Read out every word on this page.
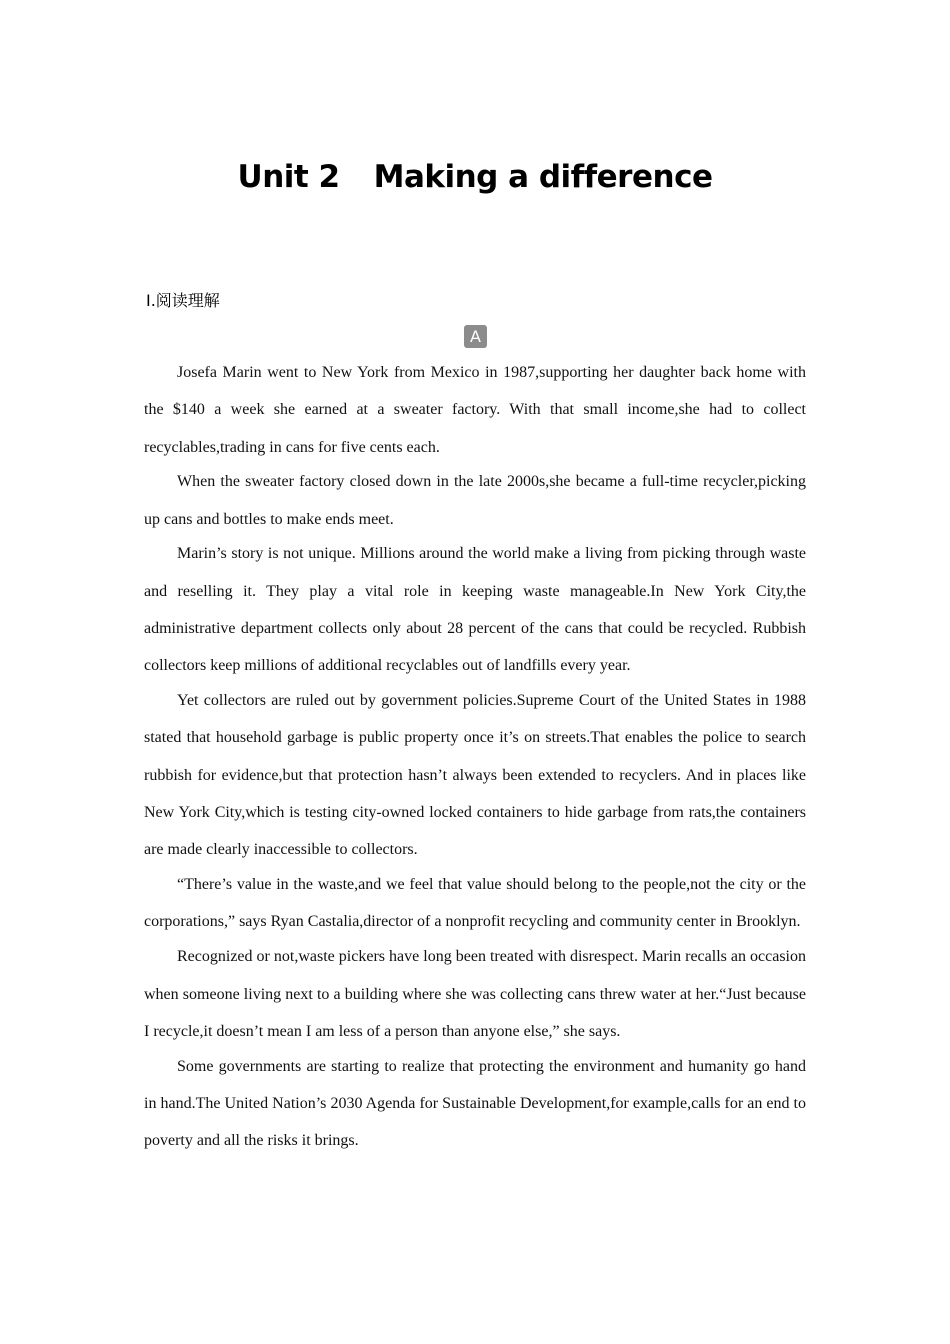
Unit 2 Making a difference
Ⅰ.阅读理解
A

Josefa Marin went to New York from Mexico in 1987,supporting her daughter back home with the $140 a week she earned at a sweater factory. With that small income,she had to collect recyclables,trading in cans for five cents each.

When the sweater factory closed down in the late 2000s,she became a full-time recycler,picking up cans and bottles to make ends meet.

Marin’s story is not unique. Millions around the world make a living from picking through waste and reselling it. They play a vital role in keeping waste manageable.In New York City,the administrative department collects only about 28 percent of the cans that could be recycled. Rubbish collectors keep millions of additional recyclables out of landfills every year.

Yet collectors are ruled out by government policies.Supreme Court of the United States in 1988 stated that household garbage is public property once it’s on streets.That enables the police to search rubbish for evidence,but that protection hasn’t always been extended to recyclers. And in places like New York City,which is testing city-owned locked containers to hide garbage from rats,the containers are made clearly inaccessible to collectors.

“There’s value in the waste,and we feel that value should belong to the people,not the city or the corporations,” says Ryan Castalia,director of a nonprofit recycling and community center in Brooklyn.

Recognized or not,waste pickers have long been treated with disrespect. Marin recalls an occasion when someone living next to a building where she was collecting cans threw water at her.“Just because I recycle,it doesn’t mean I am less of a person than anyone else,” she says.

Some governments are starting to realize that protecting the environment and humanity go hand in hand.The United Nation’s 2030 Agenda for Sustainable Development,for example,calls for an end to poverty and all the risks it brings.
